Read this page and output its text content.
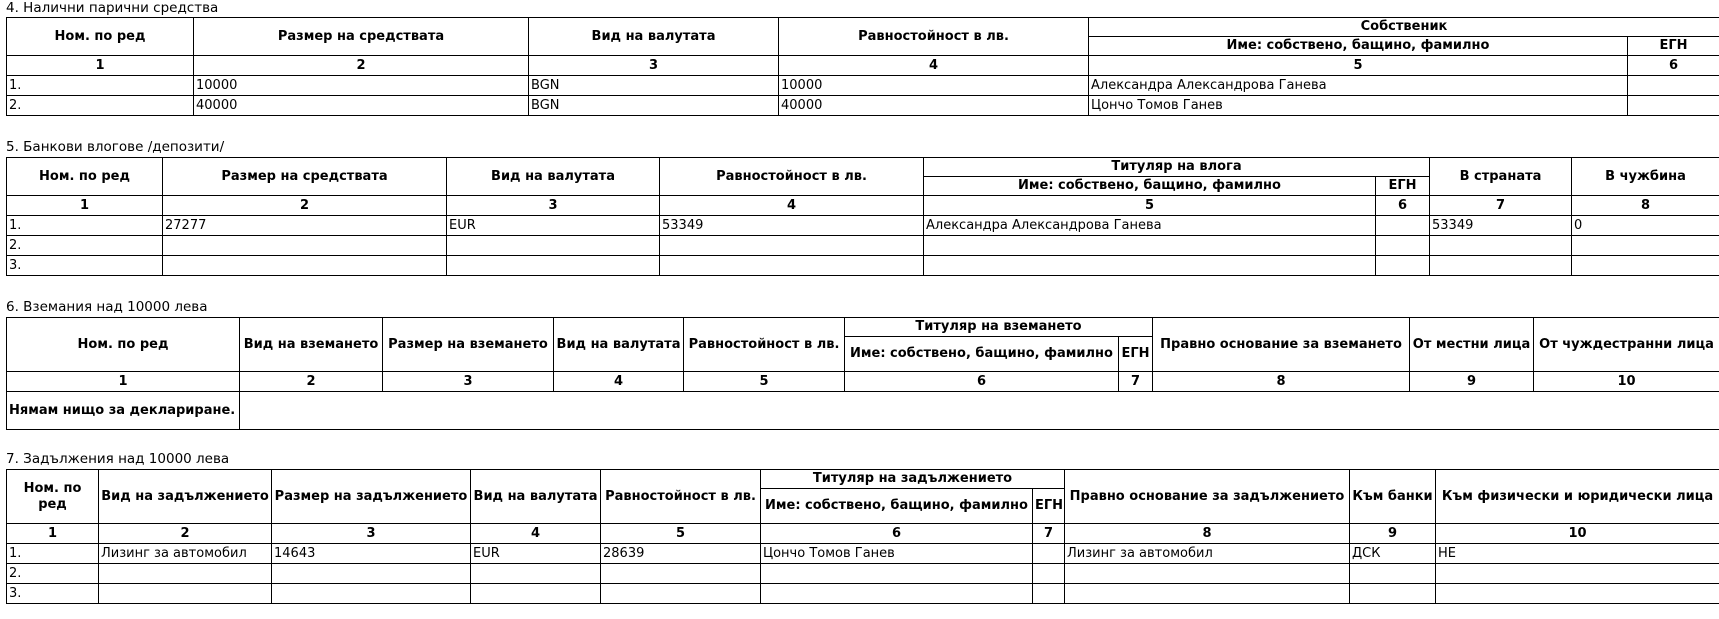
4. Налични парични средства
Ном. по ред	Размер на средствата	Вид на валутата	Равностойност в лв.	Собственик	
				Име: собствено, бащино, фамилно	ЕГН
1	2	3	4	5	6
1.	10000	BGN	10000	Александра Александрова Ганева	
2.	40000	BGN	40000	Цончо Томов Ганев	
5. Банкови влогове /депозити/
Ном. по ред	Размер на средствата	Вид на валутата	Равностойност в лв.	Титуляр на влога		В страната	В чужбина
				Име: собствено, бащино, фамилно	ЕГН		
1	2	3	4	5	6	7	8
1.	27277	EUR	53349	Александра Александрова Ганева		53349	0
2.							
3.							
6. Вземания над 10000 лева
Ном. по ред	Вид на вземането	Размер на вземането	Вид на валутата	Равностойност в лв.	Титуляр на вземането		Правно основание за вземането	От местни лица	От чуждестранни лица
					Име: собствено, бащино, фамилно	ЕГН			
1	2	3	4	5	6	7	8	9	10
Нямам нищо за деклариране.									
7. Задължения над 10000 лева
Ном. по ред	Вид на задължението	Размер на задължението	Вид на валутата	Равностойност в лв.	Титуляр на задължението		Правно основание за задължението	Към банки	Към физически и юридически лица
					Име: собствено, бащино, фамилно	ЕГН			
1	2	3	4	5	6	7	8	9	10
1.	Лизинг за автомобил	14643	EUR	28639	Цончо Томов Ганев		Лизинг за автомобил	ДСК	НЕ
2.									
3.									
